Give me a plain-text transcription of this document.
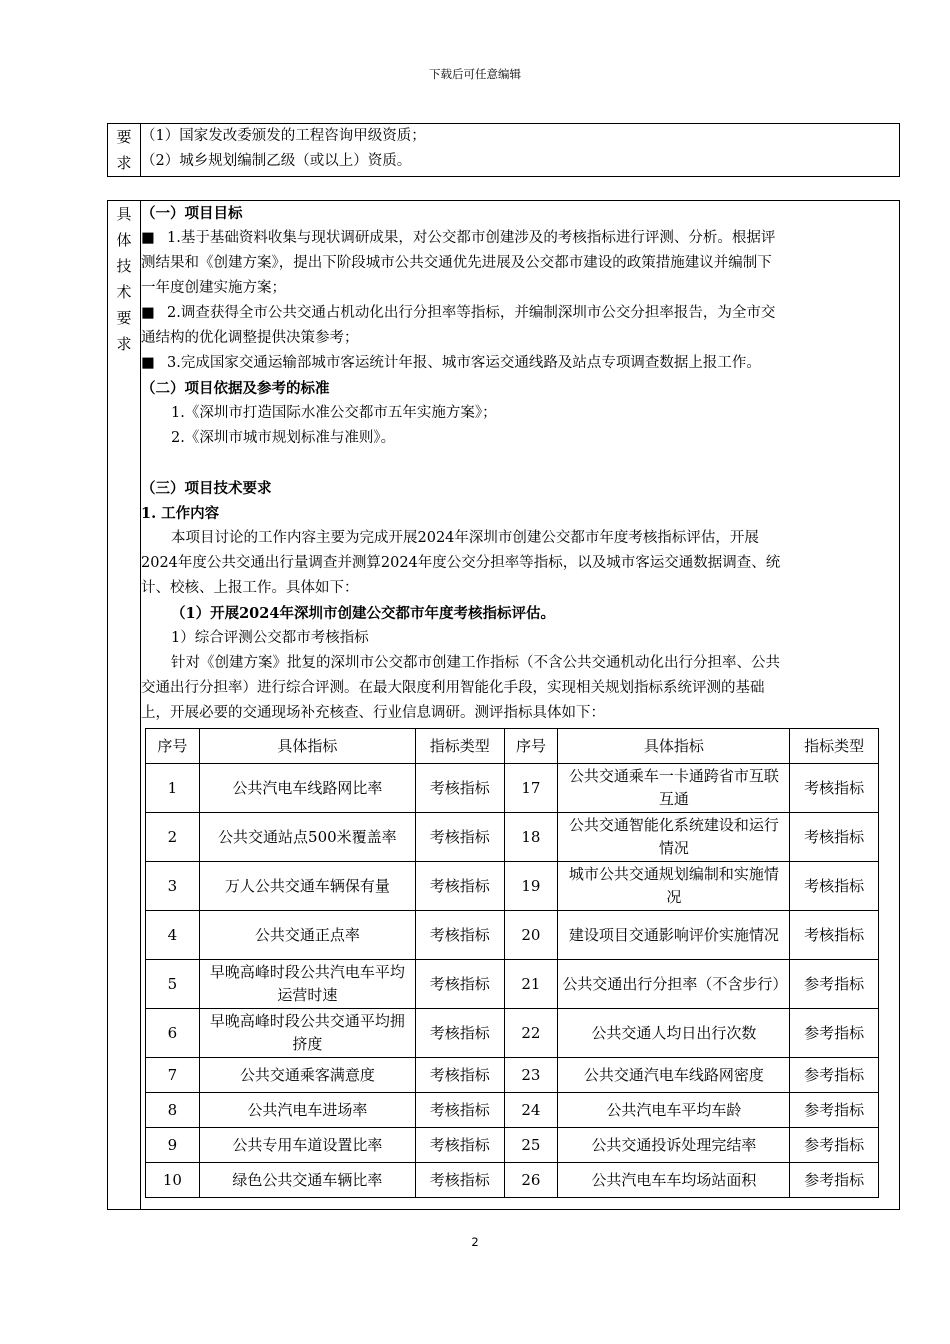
下载后可任意编辑
要
求

（1）国家发改委颁发的工程咨询甲级资质；
（2）城乡规划编制乙级（或以上）资质。
具
体
技
术
要
求

（一）项目目标
■ 1.基于基础资料收集与现状调研成果，对公交都市创建涉及的考核指标进行评测、分析。根据评
测结果和《创建方案》，提出下阶段城市公共交通优先进展及公交都市建设的政策措施建议并编制下
一年度创建实施方案；
■ 2.调查获得全市公共交通占机动化出行分担率等指标，并编制深圳市公交分担率报告，为全市交
通结构的优化调整提供决策参考；
■ 3.完成国家交通运输部城市客运统计年报、城市客运交通线路及站点专项调查数据上报工作。
（二）项目依据及参考的标准
1.《深圳市打造国际水准公交都市五年实施方案》；
2.《深圳市城市规划标准与准则》。

（三）项目技术要求
1. 工作内容
本项目讨论的工作内容主要为完成开展2024年深圳市创建公交都市年度考核指标评估，开展
2024年度公共交通出行量调查并测算2024年度公交分担率等指标，以及城市客运交通数据调查、统
计、校核、上报工作。具体如下：
（1）开展2024年深圳市创建公交都市年度考核指标评估。
1）综合评测公交都市考核指标
针对《创建方案》批复的深圳市公交都市创建工作指标（不含公共交通机动化出行分担率、公共
交通出行分担率）进行综合评测。在最大限度利用智能化手段，实现相关规划指标系统评测的基础
上，开展必要的交通现场补充核查、行业信息调研。测评指标具体如下：
序号	具体指标	指标类型	序号	具体指标	指标类型
1	公共汽电车线路网比率	考核指标	17	公共交通乘车一卡通跨省市互联互通	考核指标
2	公共交通站点500米覆盖率	考核指标	18	公共交通智能化系统建设和运行情况	考核指标
3	万人公共交通车辆保有量	考核指标	19	城市公共交通规划编制和实施情况	考核指标
4	公共交通正点率	考核指标	20	建设项目交通影响评价实施情况	考核指标
5	早晚高峰时段公共汽电车平均运营时速	考核指标	21	公共交通出行分担率（不含步行）	参考指标
6	早晚高峰时段公共交通平均拥挤度	考核指标	22	公共交通人均日出行次数	参考指标
7	公共交通乘客满意度	考核指标	23	公共交通汽电车线路网密度	参考指标
8	公共汽电车进场率	考核指标	24	公共汽电车平均车龄	参考指标
9	公共专用车道设置比率	考核指标	25	公共交通投诉处理完结率	参考指标
10	绿色公共交通车辆比率	考核指标	26	公共汽电车车均场站面积	参考指标
2
